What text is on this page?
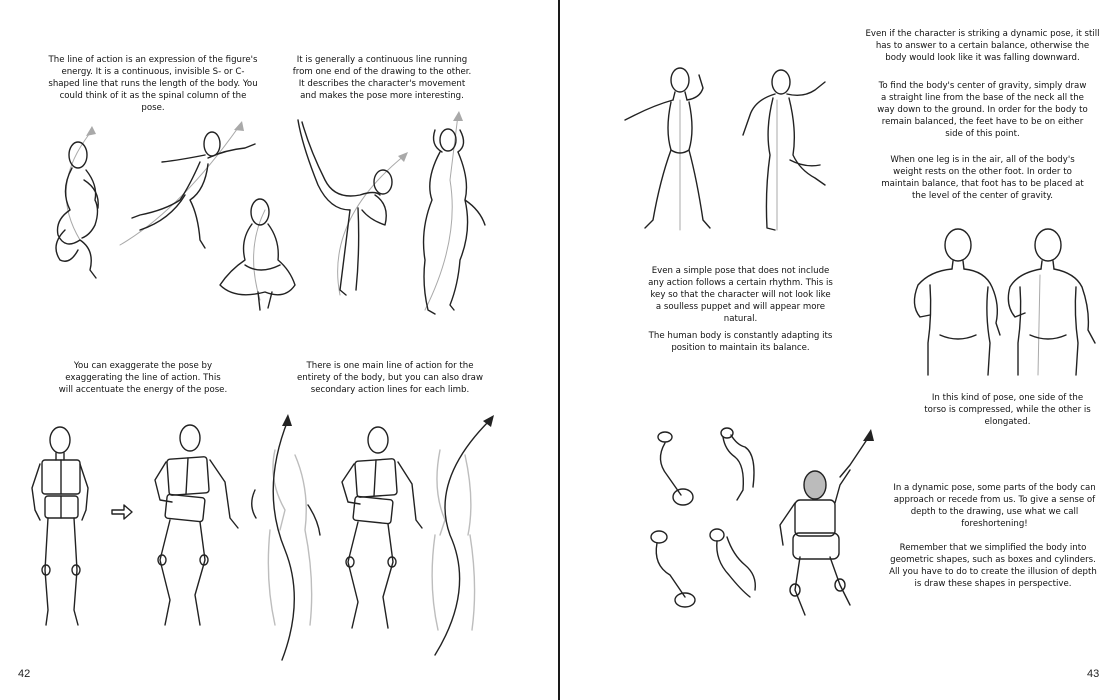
The line of action is an expression of the figure's energy. It is a continuous, invisible S- or C-shaped line that runs the length of the body. You could think of it as the spinal column of the pose.
It is generally a continuous line running from one end of the drawing to the other. It describes the character's movement and makes the pose more interesting.
You can exaggerate the pose by exaggerating the line of action. This will accentuate the energy of the pose.
There is one main line of action for the entirety of the body, but you can also draw secondary action lines for each limb.
42
Even if the character is striking a dynamic pose, it still has to answer to a certain balance, otherwise the body would look like it was falling downward.
To find the body's center of gravity, simply draw a straight line from the base of the neck all the way down to the ground. In order for the body to remain balanced, the feet have to be on either side of this point.
When one leg is in the air, all of the body's weight rests on the other foot. In order to maintain balance, that foot has to be placed at the level of the center of gravity.
Even a simple pose that does not include any action follows a certain rhythm. This is key so that the character will not look like a soulless puppet and will appear more natural.
The human body is constantly adapting its position to maintain its balance.
In this kind of pose, one side of the torso is compressed, while the other is elongated.
In a dynamic pose, some parts of the body can approach or recede from us. To give a sense of depth to the drawing, use what we call foreshortening!
Remember that we simplified the body into geometric shapes, such as boxes and cylinders. All you have to do to create the illusion of depth is draw these shapes in perspective.
43
